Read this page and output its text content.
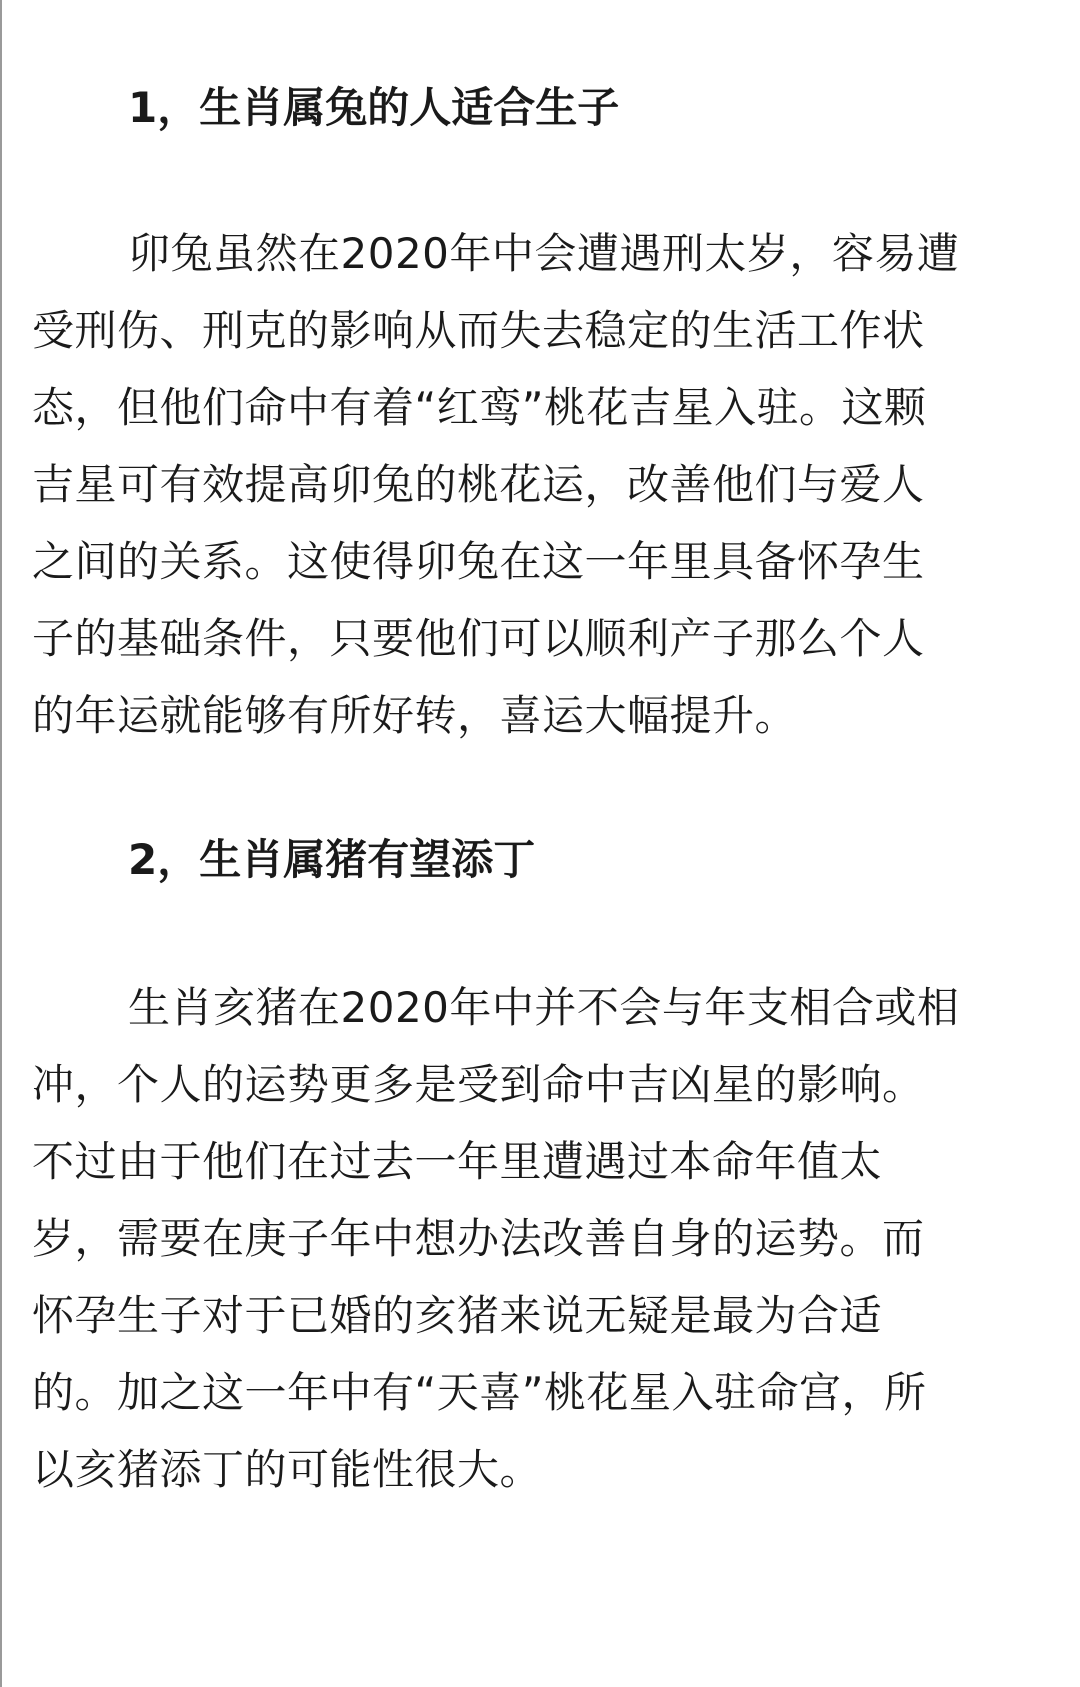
1，生肖属兔的人适合生子
卯兔虽然在2020年中会遭遇刑太岁，容易遭
受刑伤、刑克的影响从而失去稳定的生活工作状
态，但他们命中有着“红鸾”桃花吉星入驻。这颗
吉星可有效提高卯兔的桃花运，改善他们与爱人
之间的关系。这使得卯兔在这一年里具备怀孕生
子的基础条件，只要他们可以顺利产子那么个人
的年运就能够有所好转，喜运大幅提升。
2，生肖属猪有望添丁
生肖亥猪在2020年中并不会与年支相合或相
冲，个人的运势更多是受到命中吉凶星的影响。
不过由于他们在过去一年里遭遇过本命年值太
岁，需要在庚子年中想办法改善自身的运势。而
怀孕生子对于已婚的亥猪来说无疑是最为合适
的。加之这一年中有“天喜”桃花星入驻命宫，所
以亥猪添丁的可能性很大。
